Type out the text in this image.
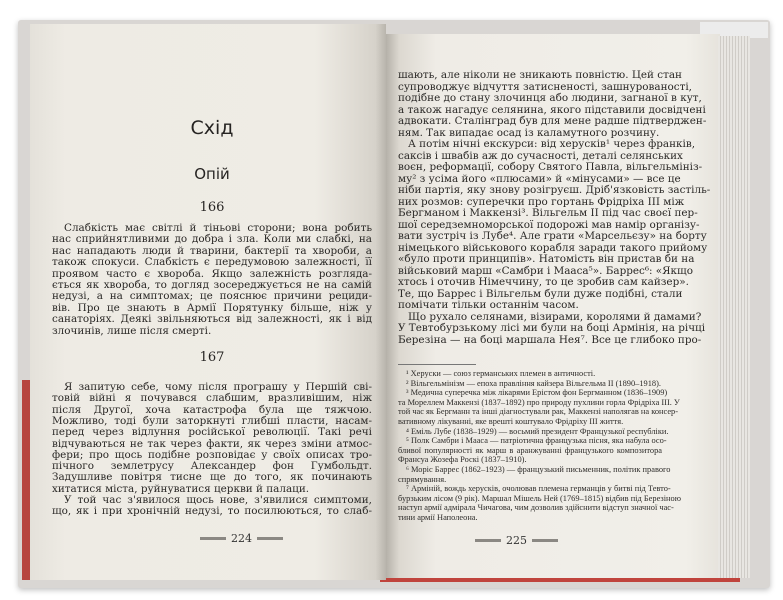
Схід
Опій
166
167
Слабкість має світлі й тіньові сторони; вона робить
нас сприйнятливими до добра і зла. Коли ми слабкі, на
нас нападають люди й тварини, бактерії та хвороби, а
також спокуси. Слабкість є передумовою залежності, її
проявом часто є хвороба. Якщо залежність розгляда-
ється як хвороба, то догляд зосереджується не на самій
недузі, а на симптомах; це пояснює причини рециди-
вів. Про це знають в Армії Порятунку більше, ніж у
санаторіях. Деякі звільняються від залежності, як і від
злочинів, лише після смерті.
Я запитую себе, чому після програшу у Першій сві-
товій війні я почувався слабшим, вразливішим, ніж
після Другої, хоча катастрофа була ще тяжчою.
Можливо, тоді були заторкнуті глибші пласти, насам-
перед через відлуння російської революції. Такі речі
відчуваються не так через факти, як через зміни атмос-
фери; про щось подібне розповідає у своїх описах тро-
пічного землетрусу Александер фон Гумбольдт.
Задушливе повітря тисне ще до того, як починають
хитатися міста, руйнуватися церкви й палаци.
У той час з'явилося щось нове, з'явилися симптоми,
що, як і при хронічній недузі, то посилюються, то слаб-
224
шають, але ніколи не зникають повністю. Цей стан
супроводжує відчуття затисненості, зашнурованості,
подібне до стану злочинця або людини, загнаної в кут,
а також нагадує селянина, якого підставили досвідчені
адвокати. Сталінград був для мене радше підтверджен-
ням. Так випадає осад із каламутного розчину.
А потім нічні екскурси: від херусків¹ через франків,
саксів і швабів аж до сучасності, деталі селянських
воєн, реформації, собору Святого Павла, вільгельмініз-
му² з усіма його «плюсами» й «мінусами» — все це
ніби партія, яку знову розігруєш. Дріб'язковість застіль-
них розмов: суперечки про гортань Фрідріха III між
Бергманом і Маккензі³. Вільгельм II під час своєї пер-
шої середземноморської подорожі мав намір організу-
вати зустріч із Лубе⁴. Але грати «Марсельєзу» на борту
німецького військового корабля заради такого прийому
«було проти принципів». Натомість він пристав би на
військовий марш «Самбри і Мааса⁵». Баррес⁶: «Якщо
хтось і оточив Німеччину, то це зробив сам кайзер».
Те, що Баррес і Вільгельм були дуже подібні, стали
помічати тільки останнім часом.
Що рухало селянами, візирами, королями й дамами?
У Тевтобурзькому лісі ми були на боці Армінія, на річці
Березіна — на боці маршала Нея⁷. Все це глибоко про-
¹ Херуски — союз германських племен в античності.
² Вільгельмінізм — епоха правління кайзера Вільгельма II (1890–1918).
³ Медична суперечка між лікарями Ерістом фон Бергманном (1836–1909)
та Мореллем Маккензі (1837–1892) про природу пухлини горла Фрідріха III. У
той час як Бергманн та інші діагностували рак, Маккензі наполягав на консер-
вативному лікуванні, яке врешті коштувало Фрідріху III життя.
⁴ Еміль Лубе (1838–1929) — восьмий президент Французької республіки.
⁵ Полк Самбри і Мааса — патріотична французька пісня, яка набула осо-
бливої популярності як марш в аранжуванні французького композитора
Франсуа Жозефа Роскі (1837–1910).
⁶ Моріс Баррес (1862–1923) — французький письменник, політик правого
спрямування.
⁷ Арміній, вождь херусків, очолював племена германців у битві під Тевто-
бурзьким лісом (9 рік). Маршал Мішель Ней (1769–1815) відбив під Березіною
наступ армії адмірала Чичагова, чим дозволив здійснити відступ значної час-
тини армії Наполеона.
225
